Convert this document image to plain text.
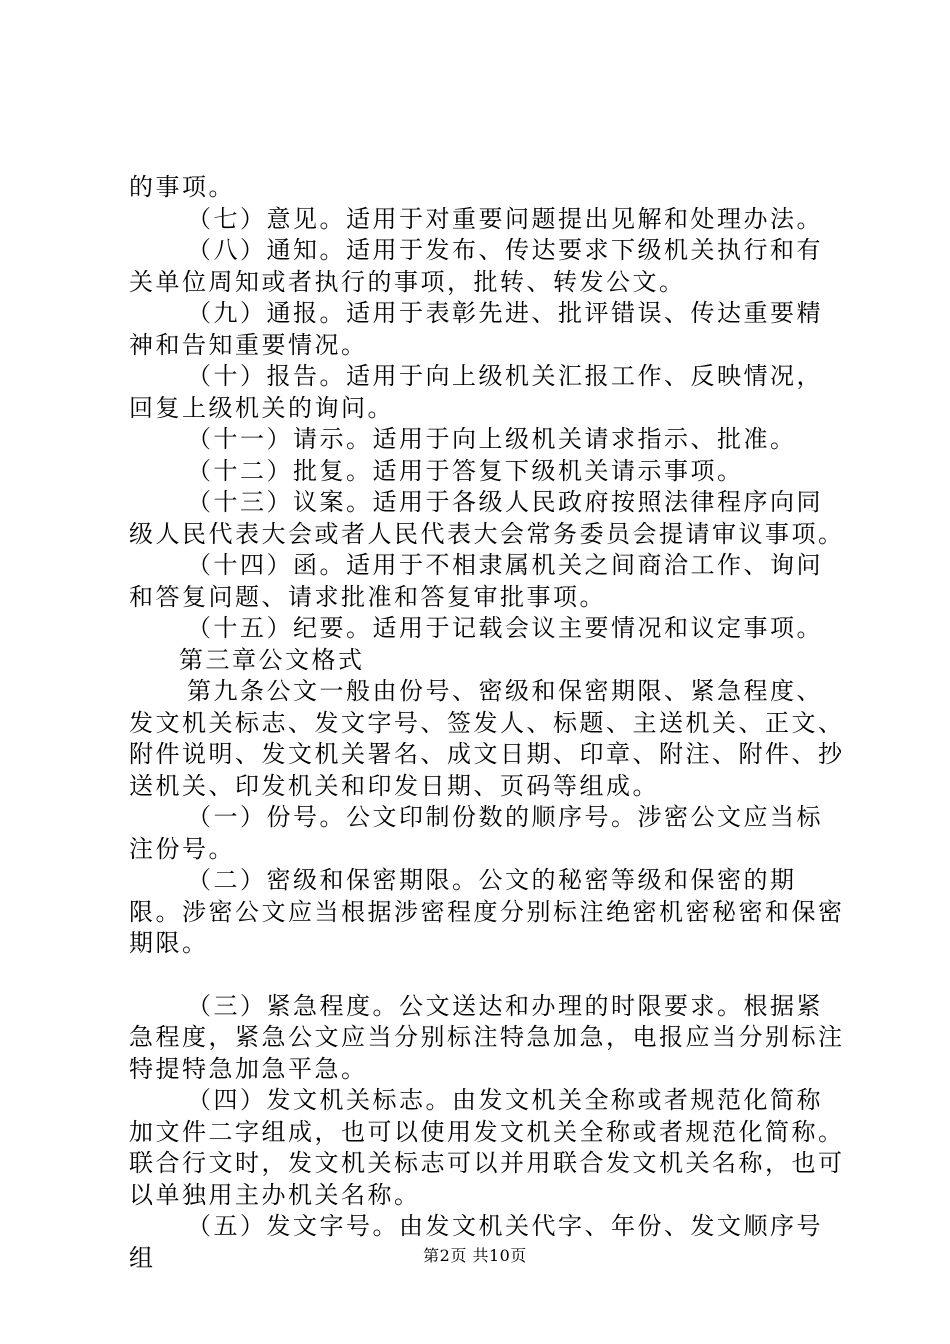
的事项。

（七）意见。适用于对重要问题提出见解和处理办法。

（八）通知。适用于发布、传达要求下级机关执行和有关单位周知或者执行的事项，批转、转发公文。

（九）通报。适用于表彰先进、批评错误、传达重要精神和告知重要情况。

（十）报告。适用于向上级机关汇报工作、反映情况，回复上级机关的询问。

（十一）请示。适用于向上级机关请求指示、批准。

（十二）批复。适用于答复下级机关请示事项。

（十三）议案。适用于各级人民政府按照法律程序向同级人民代表大会或者人民代表大会常务委员会提请审议事项。

（十四）函。适用于不相隶属机关之间商洽工作、询问和答复问题、请求批准和答复审批事项。

（十五）纪要。适用于记载会议主要情况和议定事项。

第三章公文格式

第九条公文一般由份号、密级和保密期限、紧急程度、发文机关标志、发文字号、签发人、标题、主送机关、正文、附件说明、发文机关署名、成文日期、印章、附注、附件、抄送机关、印发机关和印发日期、页码等组成。

（一）份号。公文印制份数的顺序号。涉密公文应当标注份号。

（二）密级和保密期限。公文的秘密等级和保密的期限。涉密公文应当根据涉密程度分别标注绝密机密秘密和保密期限。

（三）紧急程度。公文送达和办理的时限要求。根据紧急程度，紧急公文应当分别标注特急加急，电报应当分别标注特提特急加急平急。

（四）发文机关标志。由发文机关全称或者规范化简称加文件二字组成，也可以使用发文机关全称或者规范化简称。联合行文时，发文机关标志可以并用联合发文机关名称，也可以单独用主办机关名称。

（五）发文字号。由发文机关代字、年份、发文顺序号组	第2页 共10页
